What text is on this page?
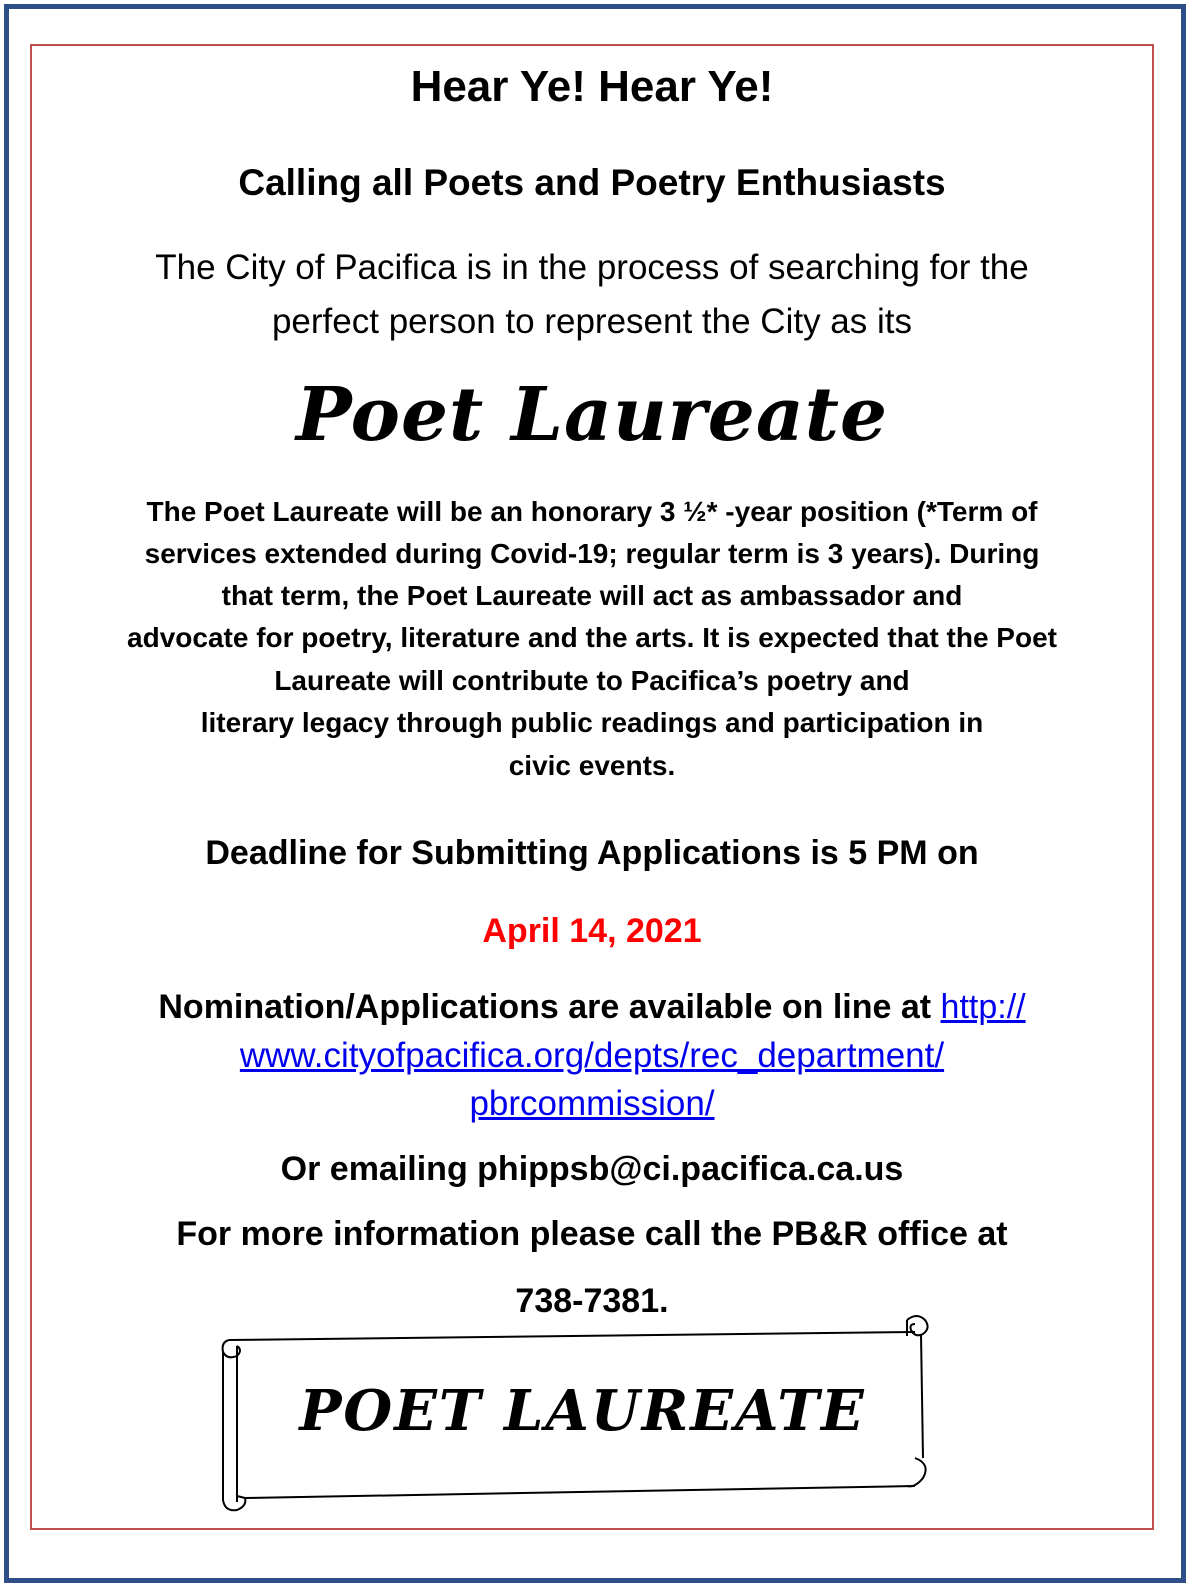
Hear Ye! Hear Ye!
Calling all Poets and Poetry Enthusiasts
The City of Pacifica is in the process of searching for the
perfect person to represent the City as its
Poet Laureate
The Poet Laureate will be an honorary 3 ½* -year position (*Term of
services extended during Covid-19; regular term is 3 years). During
that term, the Poet Laureate will act as ambassador and
advocate for poetry, literature and the arts. It is expected that the Poet
Laureate will contribute to Pacifica’s poetry and
literary legacy through public readings and participation in
civic events.
Deadline for Submitting Applications is 5 PM on
April 14, 2021
Nomination/Applications are available on line at http://
www.cityofpacifica.org/depts/rec_department/
pbrcommission/
Or emailing phippsb@ci.pacifica.ca.us
For more information please call the PB&R office at
738-7381.
POET LAUREATE
